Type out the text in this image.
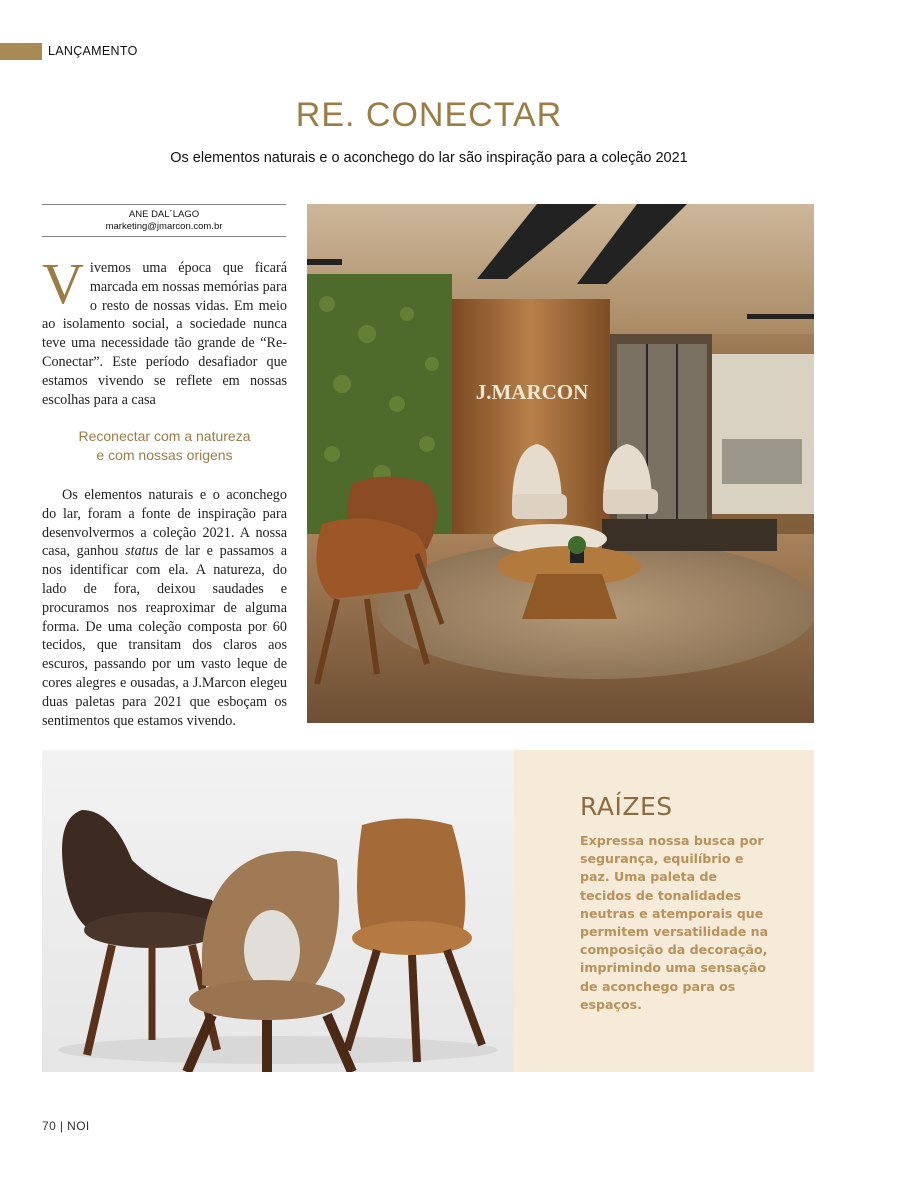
LANÇAMENTO
RE. CONECTAR
Os elementos naturais e o aconchego do lar são inspiração para a coleção 2021
ANE DAL´LAGO
marketing@jmarcon.com.br
Vivemos uma época que ficará marcada em nossas memórias para o resto de nossas vidas. Em meio ao isolamento social, a sociedade nunca teve uma necessidade tão grande de “Re-Conectar”. Este período desafiador que estamos vivendo se reflete em nossas escolhas para a casa
Reconectar com a natureza
e com nossas origens
Os elementos naturais e o aconchego do lar, foram a fonte de inspiração para desenvolvermos a coleção 2021. A nossa casa, ganhou status de lar e passamos a nos identificar com ela. A natureza, do lado de fora, deixou saudades e procuramos nos reaproximar de alguma forma. De uma coleção composta por 60 tecidos, que transitam dos claros aos escuros, passando por um vasto leque de cores alegres e ousadas, a J.Marcon elegeu duas paletas para 2021 que esboçam os sentimentos que estamos vivendo.
J.MARCON
RAÍZES
Expressa nossa busca por segurança, equilíbrio e paz. Uma paleta de tecidos de tonalidades neutras e atemporais que permitem versatilidade na composição da decoração, imprimindo uma sensação de aconchego para os espaços.
70 | NOI
